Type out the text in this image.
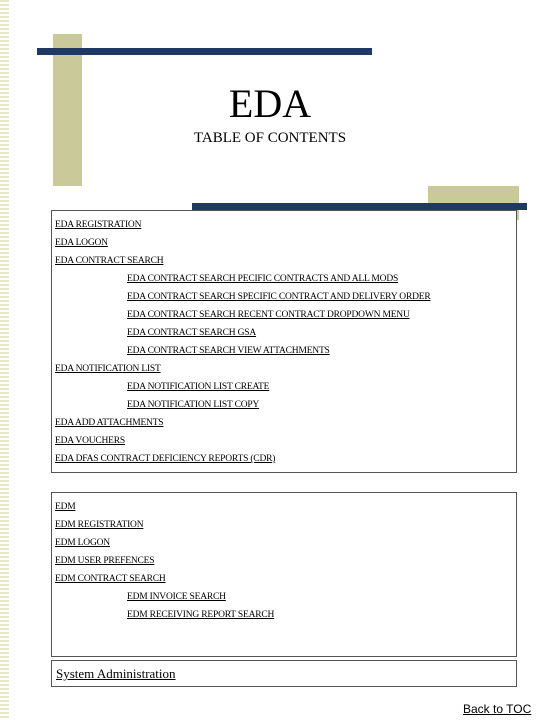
EDA
TABLE OF CONTENTS
EDA REGISTRATION
EDA LOGON
EDA CONTRACT SEARCH
EDA CONTRACT SEARCH PECIFIC CONTRACTS AND ALL MODS
EDA CONTRACT SEARCH SPECIFIC CONTRACT AND DELIVERY ORDER
EDA CONTRACT SEARCH RECENT CONTRACT DROPDOWN MENU
EDA CONTRACT SEARCH GSA
EDA CONTRACT SEARCH VIEW ATTACHMENTS
EDA NOTIFICATION LIST
EDA NOTIFICATION LIST CREATE
EDA NOTIFICATION LIST COPY
EDA ADD ATTACHMENTS
EDA VOUCHERS
EDA DFAS CONTRACT DEFICIENCY REPORTS (CDR)
EDM
EDM REGISTRATION
EDM LOGON
EDM USER PREFENCES
EDM CONTRACT SEARCH
EDM INVOICE SEARCH
EDM RECEIVING REPORT SEARCH
System Administration
Back to TOC
